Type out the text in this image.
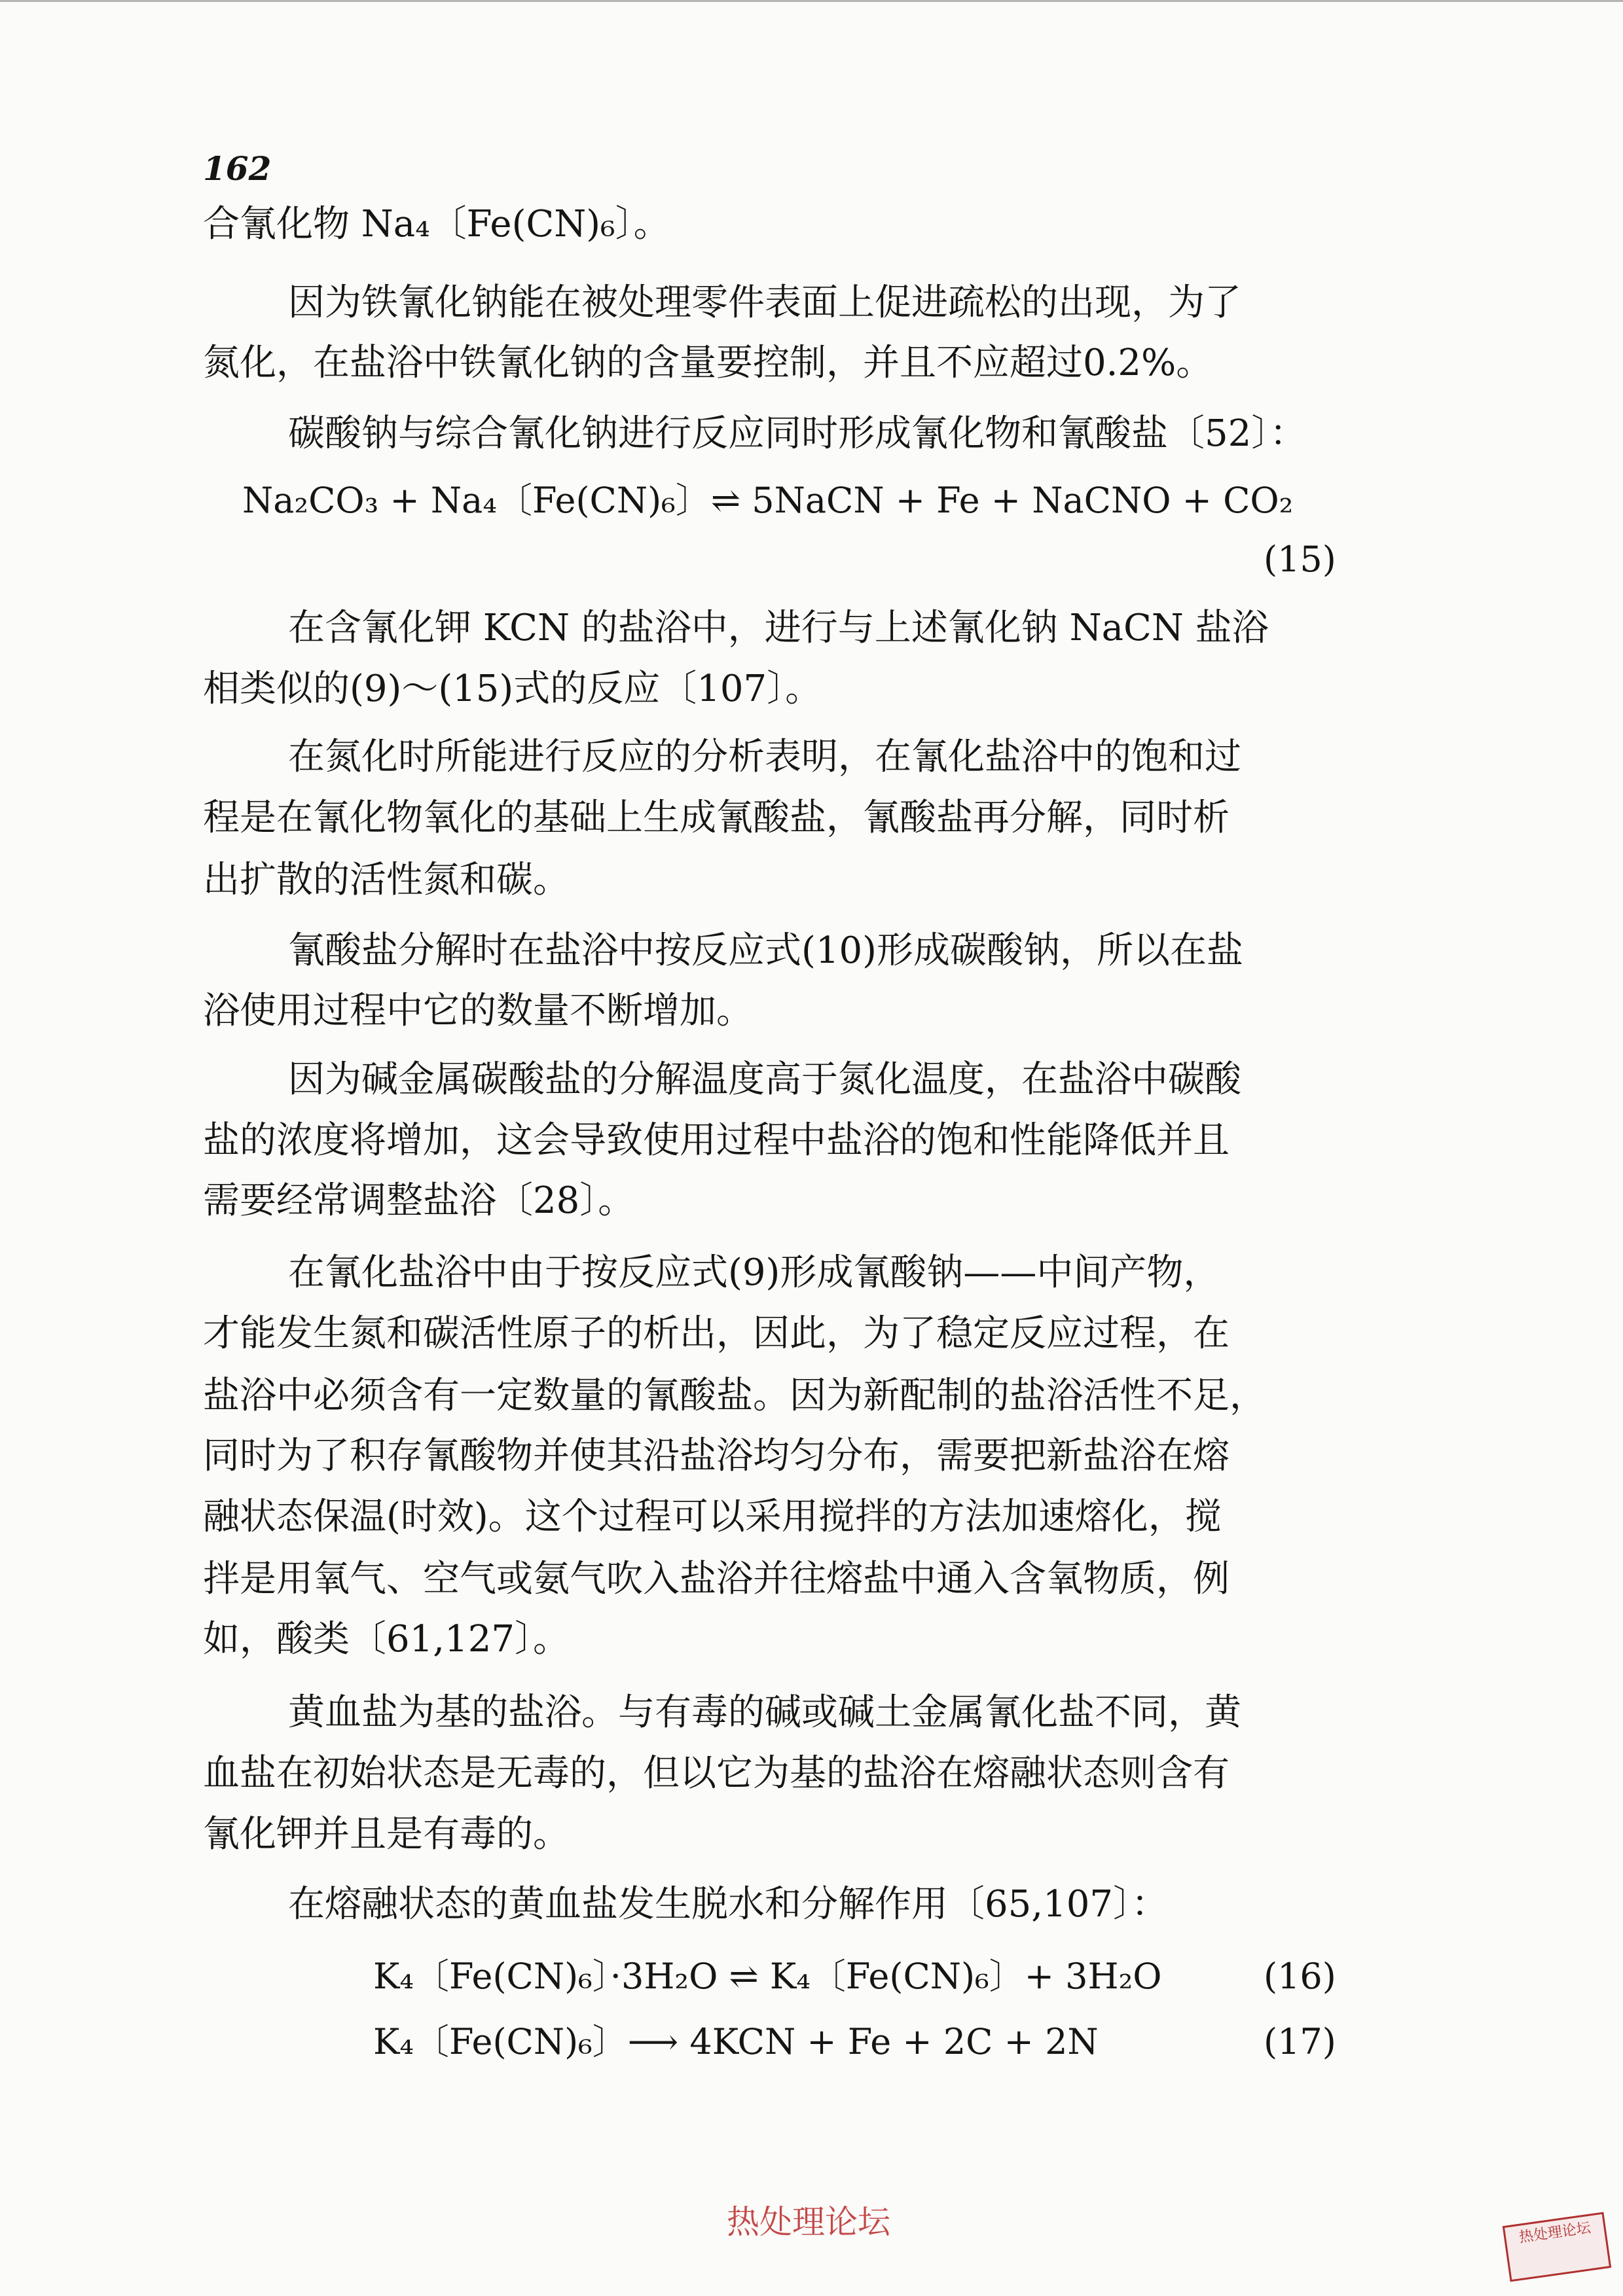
162
合氰化物 Na₄〔Fe(CN)₆〕。
因为铁氰化钠能在被处理零件表面上促进疏松的出现，为了
氮化，在盐浴中铁氰化钠的含量要控制，并且不应超过0.2%。
碳酸钠与综合氰化钠进行反应同时形成氰化物和氰酸盐〔52〕：
Na₂CO₃ + Na₄〔Fe(CN)₆〕⇌ 5NaCN + Fe + NaCNO + CO₂
(15)
在含氰化钾 KCN 的盐浴中，进行与上述氰化钠 NaCN 盐浴
相类似的(9)～(15)式的反应〔107〕。
在氮化时所能进行反应的分析表明，在氰化盐浴中的饱和过
程是在氰化物氧化的基础上生成氰酸盐，氰酸盐再分解，同时析
出扩散的活性氮和碳。
氰酸盐分解时在盐浴中按反应式(10)形成碳酸钠，所以在盐
浴使用过程中它的数量不断增加。
因为碱金属碳酸盐的分解温度高于氮化温度，在盐浴中碳酸
盐的浓度将增加，这会导致使用过程中盐浴的饱和性能降低并且
需要经常调整盐浴〔28〕。
在氰化盐浴中由于按反应式(9)形成氰酸钠——中间产物，
才能发生氮和碳活性原子的析出，因此，为了稳定反应过程，在
盐浴中必须含有一定数量的氰酸盐。因为新配制的盐浴活性不足，
同时为了积存氰酸物并使其沿盐浴均匀分布，需要把新盐浴在熔
融状态保温(时效)。这个过程可以采用搅拌的方法加速熔化，搅
拌是用氧气、空气或氨气吹入盐浴并往熔盐中通入含氧物质，例
如，酸类〔61,127〕。
黄血盐为基的盐浴。与有毒的碱或碱土金属氰化盐不同，黄
血盐在初始状态是无毒的，但以它为基的盐浴在熔融状态则含有
氰化钾并且是有毒的。
在熔融状态的黄血盐发生脱水和分解作用〔65,107〕：
K₄〔Fe(CN)₆〕·3H₂O ⇌ K₄〔Fe(CN)₆〕+ 3H₂O	(16)
K₄〔Fe(CN)₆〕⟶ 4KCN + Fe + 2C + 2N	(17)
热处理论坛	热处理论坛
